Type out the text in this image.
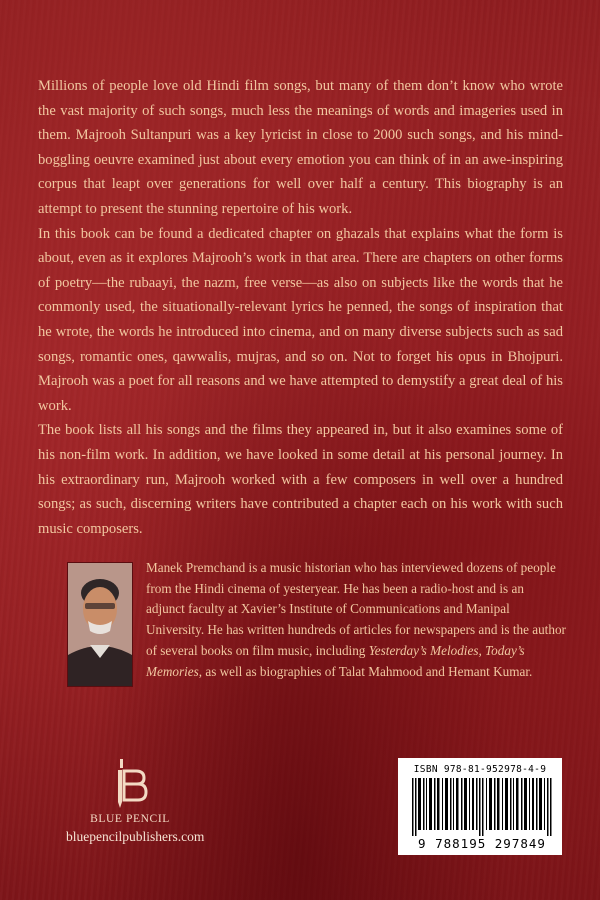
Millions of people love old Hindi film songs, but many of them don’t know who wrote the vast majority of such songs, much less the meanings of words and imageries used in them. Majrooh Sultanpuri was a key lyricist in close to 2000 such songs, and his mind-boggling oeuvre examined just about every emotion you can think of in an awe-inspiring corpus that leapt over generations for well over half a century. This biography is an attempt to present the stunning repertoire of his work.

In this book can be found a dedicated chapter on ghazals that explains what the form is about, even as it explores Majrooh’s work in that area. There are chapters on other forms of poetry—the rubaayi, the nazm, free verse—as also on subjects like the words that he commonly used, the situationally-relevant lyrics he penned, the songs of inspiration that he wrote, the words he introduced into cinema, and on many diverse subjects such as sad songs, romantic ones, qawwalis, mujras, and so on. Not to forget his opus in Bhojpuri. Majrooh was a poet for all reasons and we have attempted to demystify a great deal of his work.

The book lists all his songs and the films they appeared in, but it also examines some of his non-film work. In addition, we have looked in some detail at his personal journey. In his extraordinary run, Majrooh worked with a few composers in well over a hundred songs; as such, discerning writers have contributed a chapter each on his work with such music composers.

Manek Premchand is a music historian who has interviewed dozens of people from the Hindi cinema of yesteryear. He has been a radio-host and is an adjunct faculty at Xavier’s Institute of Communications and Manipal University. He has written hundreds of articles for newspapers and is the author of several books on film music, including Yesterday’s Melodies, Today’s Memories, as well as biographies of Talat Mahmood and Hemant Kumar.
BLUE PENCIL
bluepencilpublishers.com
ISBN 978-81-952978-4-9
9 788195 297849
